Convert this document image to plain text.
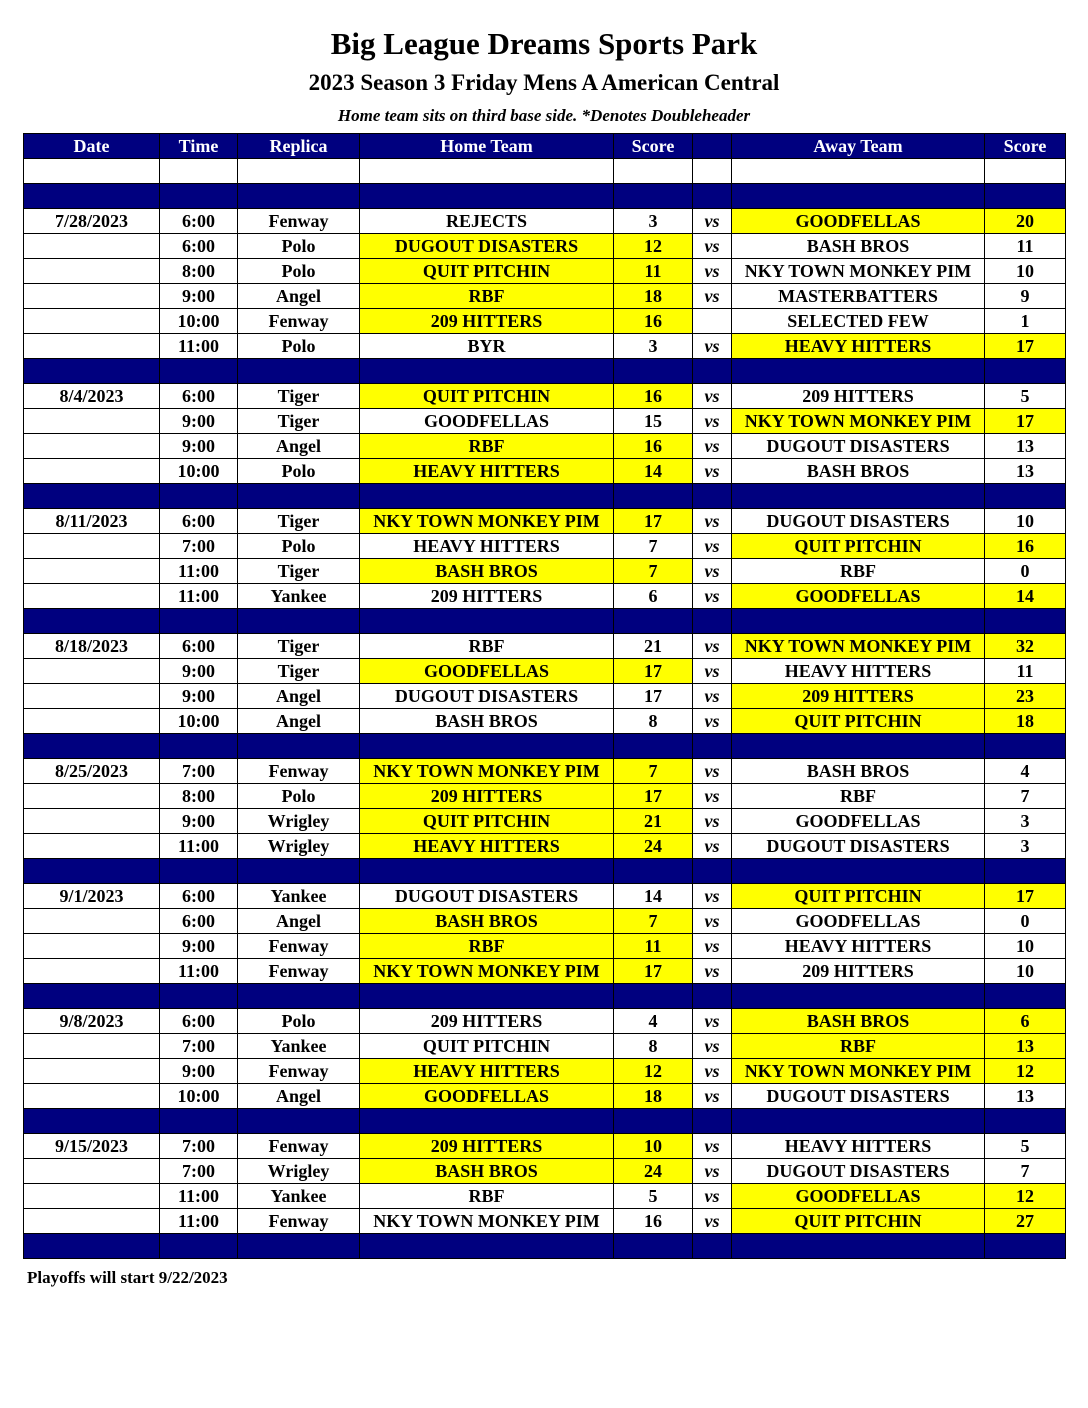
Big League Dreams Sports Park
2023 Season 3 Friday Mens A American Central
Home team sits on third base side. *Denotes Doubleheader
Date	Time	Replica	Home Team	Score		Away Team	Score

7/28/2023	6:00	Fenway	REJECTS	3	vs	GOODFELLAS	20
	6:00	Polo	DUGOUT DISASTERS	12	vs	BASH BROS	11
	8:00	Polo	QUIT PITCHIN	11	vs	NKY TOWN MONKEY PIM	10
	9:00	Angel	RBF	18	vs	MASTERBATTERS	9
	10:00	Fenway	209 HITTERS	16		SELECTED FEW	1
	11:00	Polo	BYR	3	vs	HEAVY HITTERS	17

8/4/2023	6:00	Tiger	QUIT PITCHIN	16	vs	209 HITTERS	5
	9:00	Tiger	GOODFELLAS	15	vs	NKY TOWN MONKEY PIM	17
	9:00	Angel	RBF	16	vs	DUGOUT DISASTERS	13
	10:00	Polo	HEAVY HITTERS	14	vs	BASH BROS	13

8/11/2023	6:00	Tiger	NKY TOWN MONKEY PIM	17	vs	DUGOUT DISASTERS	10
	7:00	Polo	HEAVY HITTERS	7	vs	QUIT PITCHIN	16
	11:00	Tiger	BASH BROS	7	vs	RBF	0
	11:00	Yankee	209 HITTERS	6	vs	GOODFELLAS	14

8/18/2023	6:00	Tiger	RBF	21	vs	NKY TOWN MONKEY PIM	32
	9:00	Tiger	GOODFELLAS	17	vs	HEAVY HITTERS	11
	9:00	Angel	DUGOUT DISASTERS	17	vs	209 HITTERS	23
	10:00	Angel	BASH BROS	8	vs	QUIT PITCHIN	18

8/25/2023	7:00	Fenway	NKY TOWN MONKEY PIM	7	vs	BASH BROS	4
	8:00	Polo	209 HITTERS	17	vs	RBF	7
	9:00	Wrigley	QUIT PITCHIN	21	vs	GOODFELLAS	3
	11:00	Wrigley	HEAVY HITTERS	24	vs	DUGOUT DISASTERS	3

9/1/2023	6:00	Yankee	DUGOUT DISASTERS	14	vs	QUIT PITCHIN	17
	6:00	Angel	BASH BROS	7	vs	GOODFELLAS	0
	9:00	Fenway	RBF	11	vs	HEAVY HITTERS	10
	11:00	Fenway	NKY TOWN MONKEY PIM	17	vs	209 HITTERS	10

9/8/2023	6:00	Polo	209 HITTERS	4	vs	BASH BROS	6
	7:00	Yankee	QUIT PITCHIN	8	vs	RBF	13
	9:00	Fenway	HEAVY HITTERS	12	vs	NKY TOWN MONKEY PIM	12
	10:00	Angel	GOODFELLAS	18	vs	DUGOUT DISASTERS	13

9/15/2023	7:00	Fenway	209 HITTERS	10	vs	HEAVY HITTERS	5
	7:00	Wrigley	BASH BROS	24	vs	DUGOUT DISASTERS	7
	11:00	Yankee	RBF	5	vs	GOODFELLAS	12
	11:00	Fenway	NKY TOWN MONKEY PIM	16	vs	QUIT PITCHIN	27

Playoffs will start 9/22/2023
